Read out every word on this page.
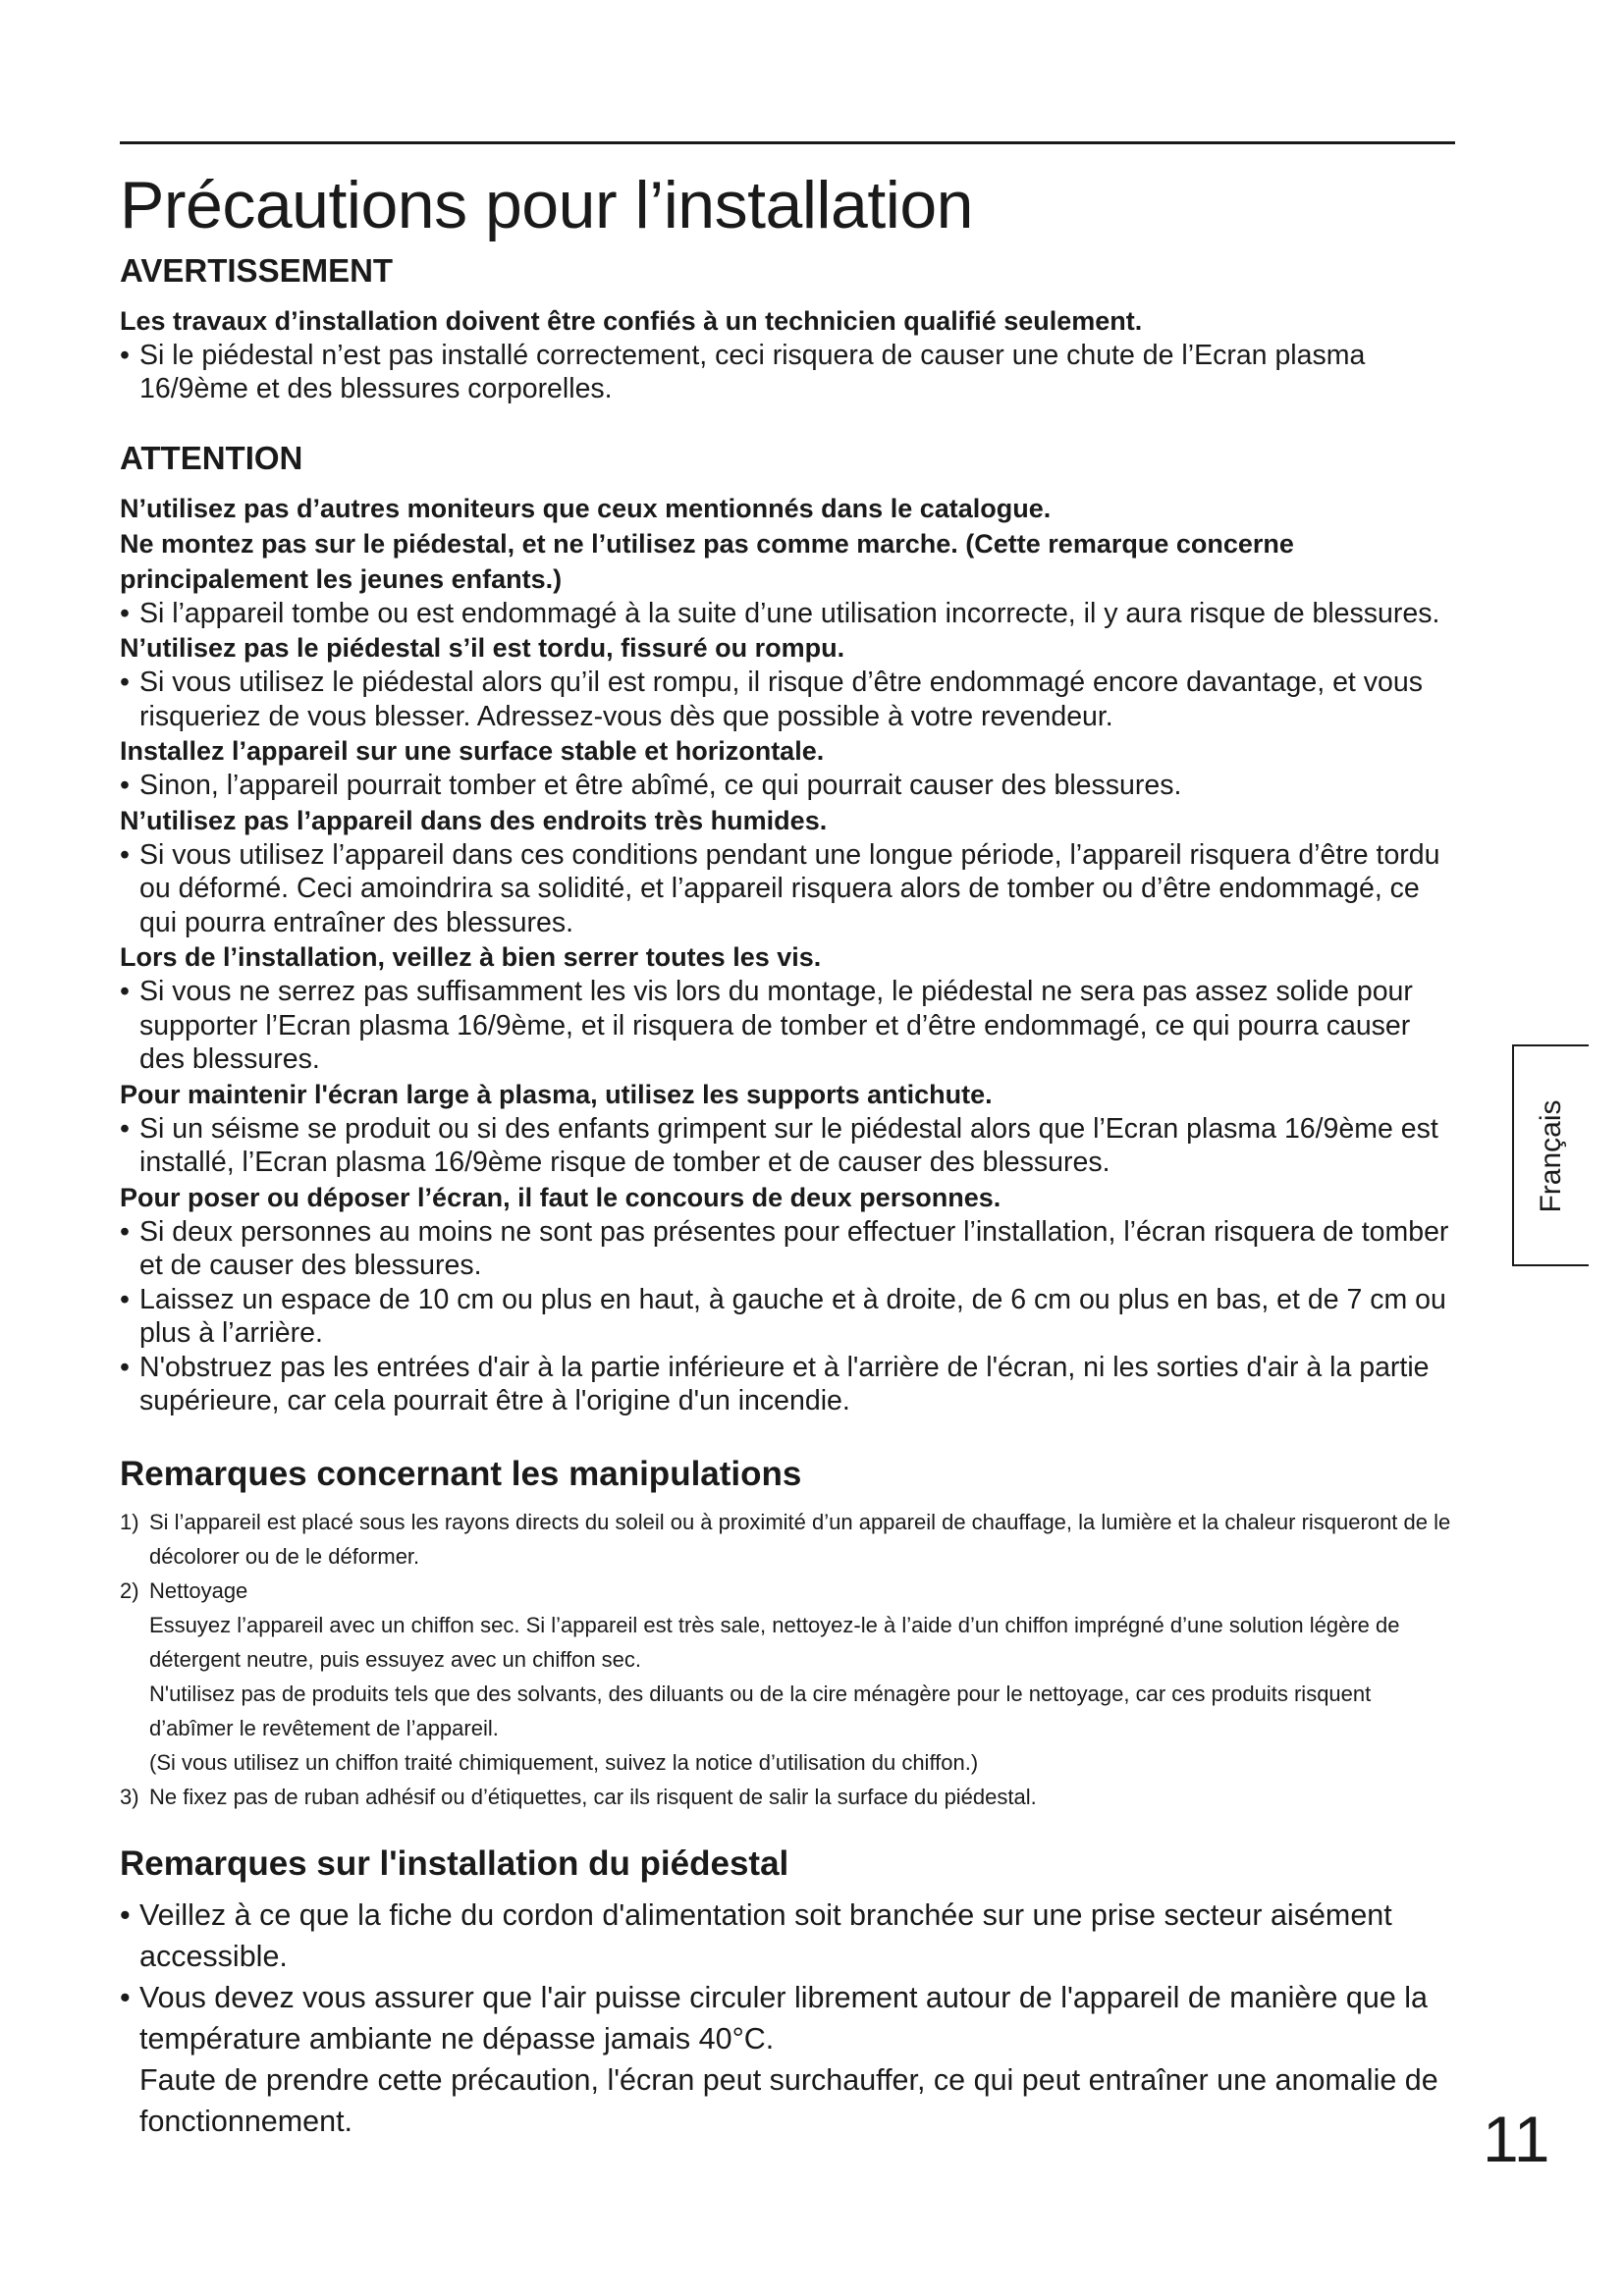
Précautions pour l’installation
AVERTISSEMENT

Les travaux d’installation doivent être confiés à un technicien qualifié seulement.

• Si le piédestal n’est pas installé correctement, ceci risquera de causer une chute de l’Ecran plasma 16/9ème et des blessures corporelles.
ATTENTION

N’utilisez pas d’autres moniteurs que ceux mentionnés dans le catalogue.

Ne montez pas sur le piédestal, et ne l’utilisez pas comme marche. (Cette remarque concerne principalement les jeunes enfants.)

• Si l’appareil tombe ou est endommagé à la suite d’une utilisation incorrecte, il y aura risque de blessures.

N’utilisez pas le piédestal s’il est tordu, fissuré ou rompu.

• Si vous utilisez le piédestal alors qu’il est rompu, il risque d’être endommagé encore davantage, et vous risqueriez de vous blesser. Adressez-vous dès que possible à votre revendeur.

Installez l’appareil sur une surface stable et horizontale.

• Sinon, l’appareil pourrait tomber et être abîmé, ce qui pourrait causer des blessures.

N’utilisez pas l’appareil dans des endroits très humides.

• Si vous utilisez l’appareil dans ces conditions pendant une longue période, l’appareil risquera d’être tordu ou déformé. Ceci amoindrira sa solidité, et l’appareil risquera alors de tomber ou d’être endommagé, ce qui pourra entraîner des blessures.

Lors de l’installation, veillez à bien serrer toutes les vis.

• Si vous ne serrez pas suffisamment les vis lors du montage, le piédestal ne sera pas assez solide pour supporter l’Ecran plasma 16/9ème, et il risquera de tomber et d’être endommagé, ce qui pourra causer des blessures.

Pour maintenir l'écran large à plasma, utilisez les supports antichute.

• Si un séisme se produit ou si des enfants grimpent sur le piédestal alors que l’Ecran plasma 16/9ème est installé, l’Ecran plasma 16/9ème risque de tomber et de causer des blessures.

Pour poser ou déposer l’écran, il faut le concours de deux personnes.

• Si deux personnes au moins ne sont pas présentes pour effectuer l’installation, l’écran risquera de tomber et de causer des blessures.
• Laissez un espace de 10 cm ou plus en haut, à gauche et à droite, de 6 cm ou plus en bas, et de 7 cm ou plus à l’arrière.
• N'obstruez pas les entrées d'air à la partie inférieure et à l'arrière de l'écran, ni les sorties d'air à la partie supérieure, car cela pourrait être à l'origine d'un incendie.
Remarques concernant les manipulations
1) Si l’appareil est placé sous les rayons directs du soleil ou à proximité d’un appareil de chauffage, la lumière et la chaleur risqueront de le décolorer ou de le déformer.

2) Nettoyage

Essuyez l’appareil avec un chiffon sec. Si l’appareil est très sale, nettoyez-le à l’aide d’un chiffon imprégné d’une solution légère de détergent neutre, puis essuyez avec un chiffon sec.

N'utilisez pas de produits tels que des solvants, des diluants ou de la cire ménagère pour le nettoyage, car ces produits risquent d’abîmer le revêtement de l’appareil.

(Si vous utilisez un chiffon traité chimiquement, suivez la notice d’utilisation du chiffon.)

3) Ne fixez pas de ruban adhésif ou d’étiquettes, car ils risquent de salir la surface du piédestal.

Remarques sur l'installation du piédestal
• Veillez à ce que la fiche du cordon d'alimentation soit branchée sur une prise secteur aisément accessible.
• Vous devez vous assurer que l'air puisse circuler librement autour de l'appareil de manière que la température ambiante ne dépasse jamais 40°C.

Faute de prendre cette précaution, l'écran peut surchauffer, ce qui peut entraîner une anomalie de fonctionnement.

Français
11
